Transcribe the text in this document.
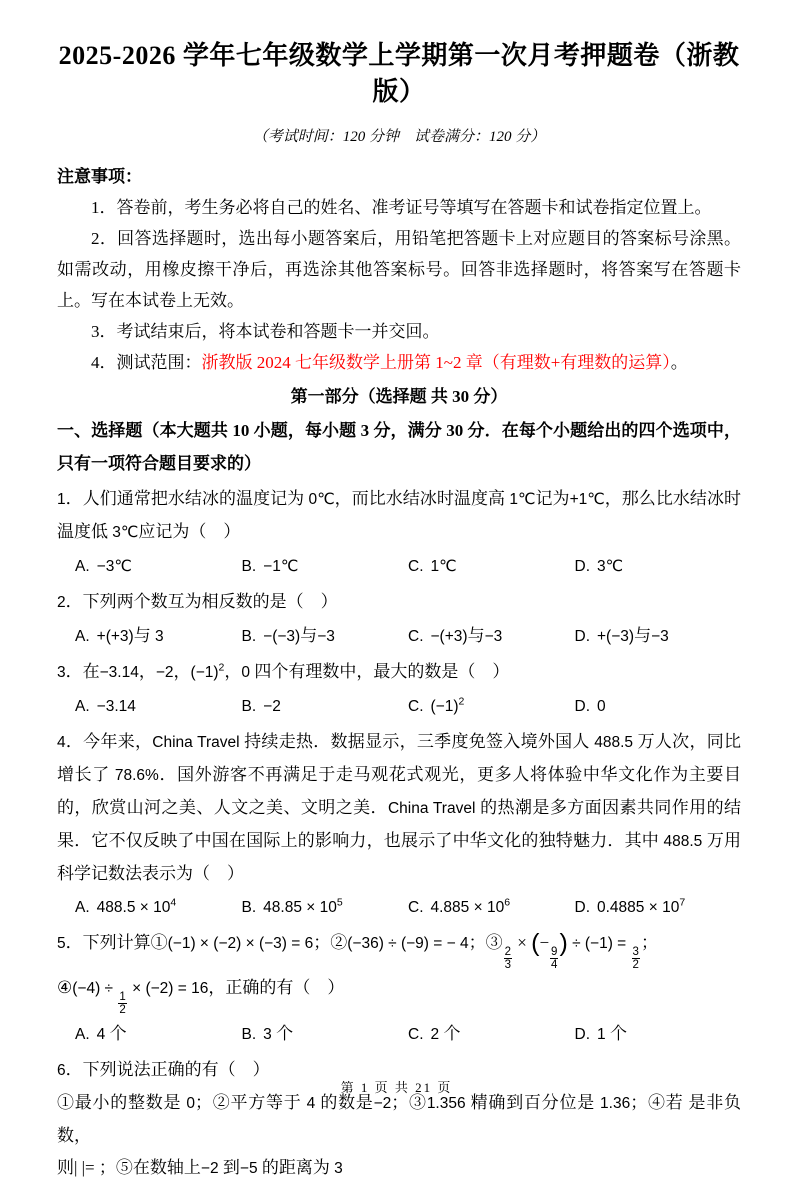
2025-2026 学年七年级数学上学期第一次月考押题卷（浙教版）
（考试时间：120 分钟　试卷满分：120 分）
注意事项：

1．答卷前，考生务必将自己的姓名、准考证号等填写在答题卡和试卷指定位置上。

2．回答选择题时，选出每小题答案后，用铅笔把答题卡上对应题目的答案标号涂黑。如需改动，用橡皮擦干净后，再选涂其他答案标号。回答非选择题时，将答案写在答题卡上。写在本试卷上无效。

3．考试结束后，将本试卷和答题卡一并交回。

4．测试范围：浙教版 2024 七年级数学上册第 1~2 章（有理数+有理数的运算）。

第一部分（选择题 共 30 分）

一、选择题（本大题共 10 小题，每小题 3 分，满分 30 分．在每个小题给出的四个选项中，只有一项符合题目要求的）

1．人们通常把水结冰的温度记为 0℃，而比水结冰时温度高 1℃记为+1℃，那么比水结冰时温度低 3℃应记为（　）

A. −3℃	B. −1℃	C. 1℃	D. 3℃

2．下列两个数互为相反数的是（　）

A. +(+3)与 3	B. −(−3)与−3	C. −(+3)与−3	D. +(−3)与−3

3．在−3.14，−2，$(-1)^2$，0 四个有理数中，最大的数是（　）

A. −3.14	B. −2	C. $(-1)^2$	D. 0

4．今年来，China Travel 持续走热．数据显示，三季度免签入境外国人 488.5 万人次，同比增长了 78.6%．国外游客不再满足于走马观花式观光，更多人将体验中华文化作为主要目的，欣赏山河之美、人文之美、文明之美．China Travel 的热潮是多方面因素共同作用的结果．它不仅反映了中国在国际上的影响力，也展示了中华文化的独特魅力．其中 488.5 万用科学记数法表示为（　）

A. $488.5 \times 10^4$	B. $48.85 \times 10^5$	C. $4.885 \times 10^6$	D. $0.4885 \times 10^7$

5．下列计算①(−1) × (−2) × (−3) = 6；②(−36) ÷ (−9) = − 4；③
$\frac{2}{3}$
× (−
$\frac{9}{4}$
) ÷ (−1) =
$\frac{3}{2}$
；

④(−4) ÷
$\frac{1}{2}$
× (−2) = 16，正确的有（　）

A. 4 个	B. 3 个	C. 2 个	D. 1 个

6．下列说法正确的有（　）

①最小的整数是 0；②平方等于 4 的数是−2；③1.356 精确到百分位是 1.36；④若 是非负数，

则| |= ；⑤在数轴上−2 到−5 的距离为 3

第 1 页 共 21 页
